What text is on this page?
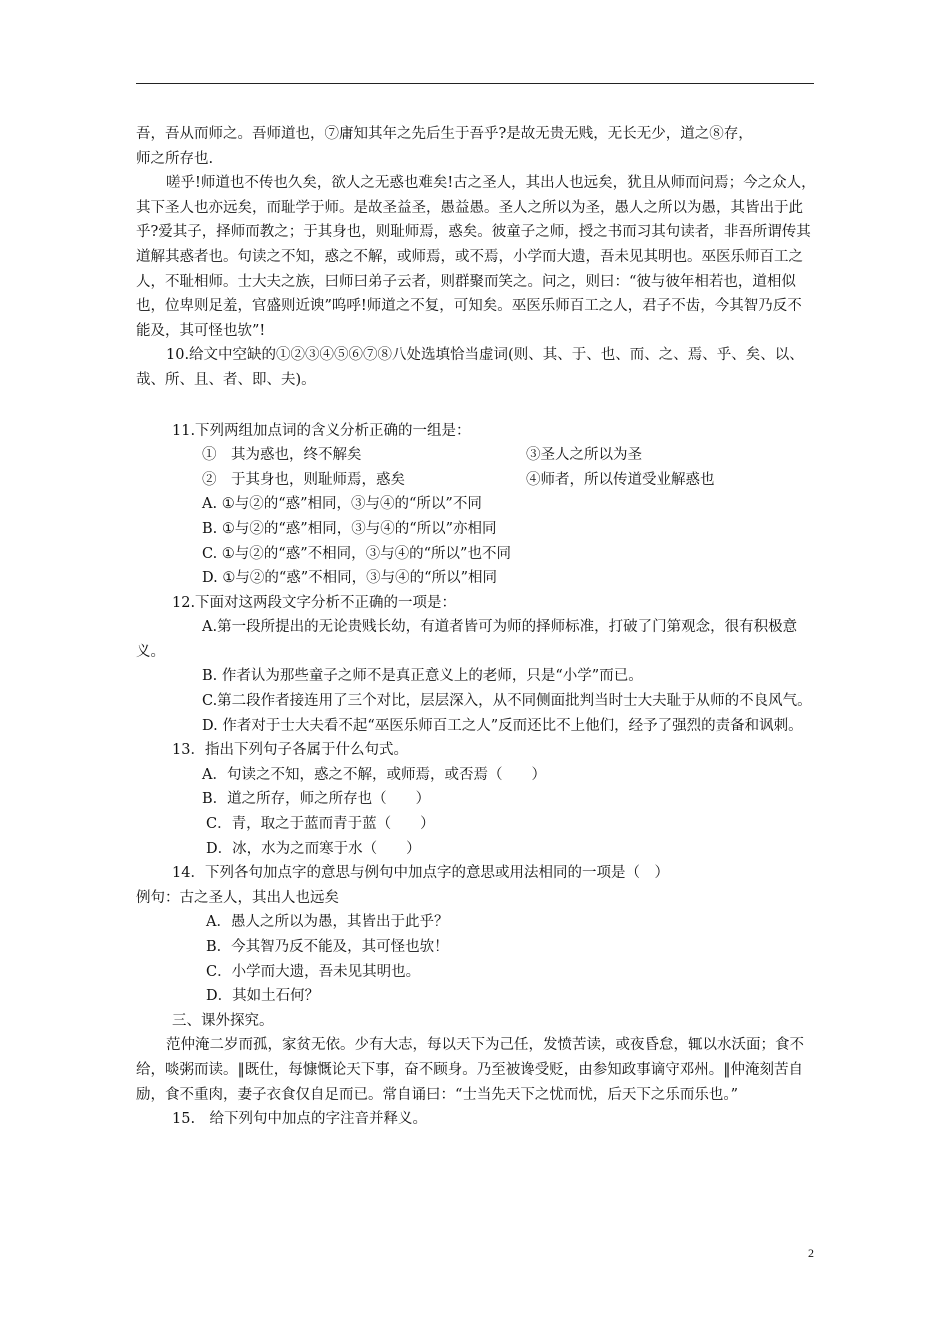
吾，吾从而师之。吾师道也，⑦庸知其年之先后生于吾乎?是故无贵无贱，无长无少，道之⑧存，

师之所存也.

嗟乎!师道也不传也久矣，欲人之无惑也难矣!古之圣人，其出人也远矣，犹且从师而问焉；今之众人，其下圣人也亦远矣，而耻学于师。是故圣益圣，愚益愚。圣人之所以为圣，愚人之所以为愚，其皆出于此乎?爱其子，择师而教之；于其身也，则耻师焉，惑矣。彼童子之师，授之书而习其句读者，非吾所谓传其道解其惑者也。句读之不知，惑之不解，或师焉，或不焉，小学而大遗，吾未见其明也。巫医乐师百工之人，不耻相师。士大夫之族，曰师曰弟子云者，则群聚而笑之。问之，则曰：“彼与彼年相若也，道相似也，位卑则足羞，官盛则近谀”呜呼!师道之不复，可知矣。巫医乐师百工之人，君子不齿，今其智乃反不能及，其可怪也欤”!

10.给文中空缺的①②③④⑤⑥⑦⑧八处选填恰当虚词(则、其、于、也、而、之、焉、乎、矣、以、哉、所、且、者、即、夫)。

11.下列两组加点词的含义分析正确的一组是：

①　其为惑也，终不解矣	③圣人之所以为圣
②　于其身也，则耻师焉，惑矣	④师者，所以传道受业解惑也

A. ①与②的“惑”相同，③与④的“所以”不同

B. ①与②的“惑”相同，③与④的“所以”亦相同

C. ①与②的“惑”不相同，③与④的“所以”也不同

D. ①与②的“惑”不相同，③与④的“所以”相同

12.下面对这两段文字分析不正确的一项是：

A.第一段所提出的无论贵贱长幼，有道者皆可为师的择师标准，打破了门第观念，很有积极意义。

B. 作者认为那些童子之师不是真正意义上的老师，只是“小学”而已。

C.第二段作者接连用了三个对比，层层深入，从不同侧面批判当时士大夫耻于从师的不良风气。

D. 作者对于士大夫看不起“巫医乐师百工之人”反而还比不上他们，经予了强烈的责备和讽刺。

13．指出下列句子各属于什么句式。

A．句读之不知，惑之不解，或师焉，或否焉（　　）

B．道之所存，师之所存也（　　）

C．青，取之于蓝而青于蓝（　　）

D．冰，水为之而寒于水（　　）

14．下列各句加点字的意思与例句中加点字的意思或用法相同的一项是（　）

例句：古之圣人，其出人也远矣

A．愚人之所以为愚，其皆出于此乎？

B．今其智乃反不能及，其可怪也欤！

C．小学而大遗，吾未见其明也。

D．其如土石何？

三、课外探究。

范仲淹二岁而孤，家贫无依。少有大志，每以天下为己任，发愤苦读，或夜昏怠，辄以水沃面；食不给，啖粥而读。‖既仕，每慷慨论天下事，奋不顾身。乃至被谗受贬，由参知政事谪守邓州。‖仲淹刻苦自励，食不重肉，妻子衣食仅自足而已。常自诵曰：“士当先天下之忧而忧，后天下之乐而乐也。”

15.　给下列句中加点的字注音并释义。

2
